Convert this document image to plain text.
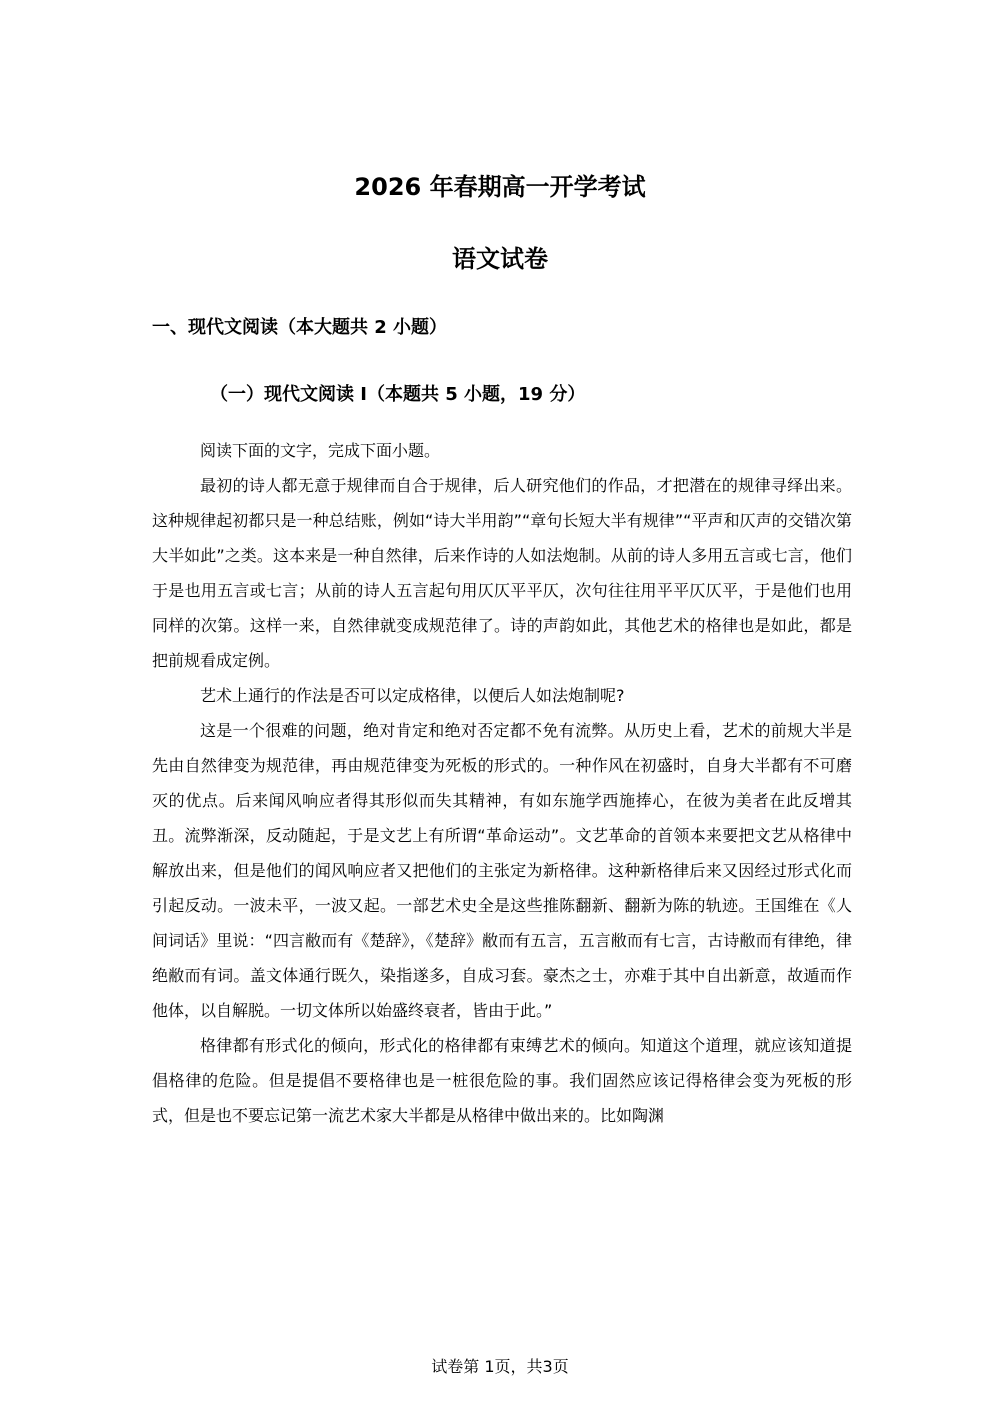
2026 年春期高一开学考试
语文试卷
一、现代文阅读（本大题共 2 小题）
（一）现代文阅读 I（本题共 5 小题，19 分）

阅读下面的文字，完成下面小题。

最初的诗人都无意于规律而自合于规律，后人研究他们的作品，才把潜在的规律寻绎出来。这种规律起初都只是一种总结账，例如“诗大半用韵”“章句长短大半有规律”“平声和仄声的交错次第大半如此”之类。这本来是一种自然律，后来作诗的人如法炮制。从前的诗人多用五言或七言，他们于是也用五言或七言；从前的诗人五言起句用仄仄平平仄，次句往往用平平仄仄平，于是他们也用同样的次第。这样一来，自然律就变成规范律了。诗的声韵如此，其他艺术的格律也是如此，都是把前规看成定例。

艺术上通行的作法是否可以定成格律，以便后人如法炮制呢?

这是一个很难的问题，绝对肯定和绝对否定都不免有流弊。从历史上看，艺术的前规大半是先由自然律变为规范律，再由规范律变为死板的形式的。一种作风在初盛时，自身大半都有不可磨灭的优点。后来闻风响应者得其形似而失其精神，有如东施学西施捧心，在彼为美者在此反增其丑。流弊渐深，反动随起，于是文艺上有所谓“革命运动”。文艺革命的首领本来要把文艺从格律中解放出来，但是他们的闻风响应者又把他们的主张定为新格律。这种新格律后来又因经过形式化而引起反动。一波未平，一波又起。一部艺术史全是这些推陈翻新、翻新为陈的轨迹。王国维在《人间词话》里说：“四言敝而有《楚辞》，《楚辞》敝而有五言，五言敝而有七言，古诗敝而有律绝，律绝敝而有词。盖文体通行既久，染指遂多，自成习套。豪杰之士，亦难于其中自出新意，故遁而作他体，以自解脱。一切文体所以始盛终衰者，皆由于此。”

格律都有形式化的倾向，形式化的格律都有束缚艺术的倾向。知道这个道理，就应该知道提倡格律的危险。但是提倡不要格律也是一桩很危险的事。我们固然应该记得格律会变为死板的形式，但是也不要忘记第一流艺术家大半都是从格律中做出来的。比如陶渊

试卷第 1页，共3页
